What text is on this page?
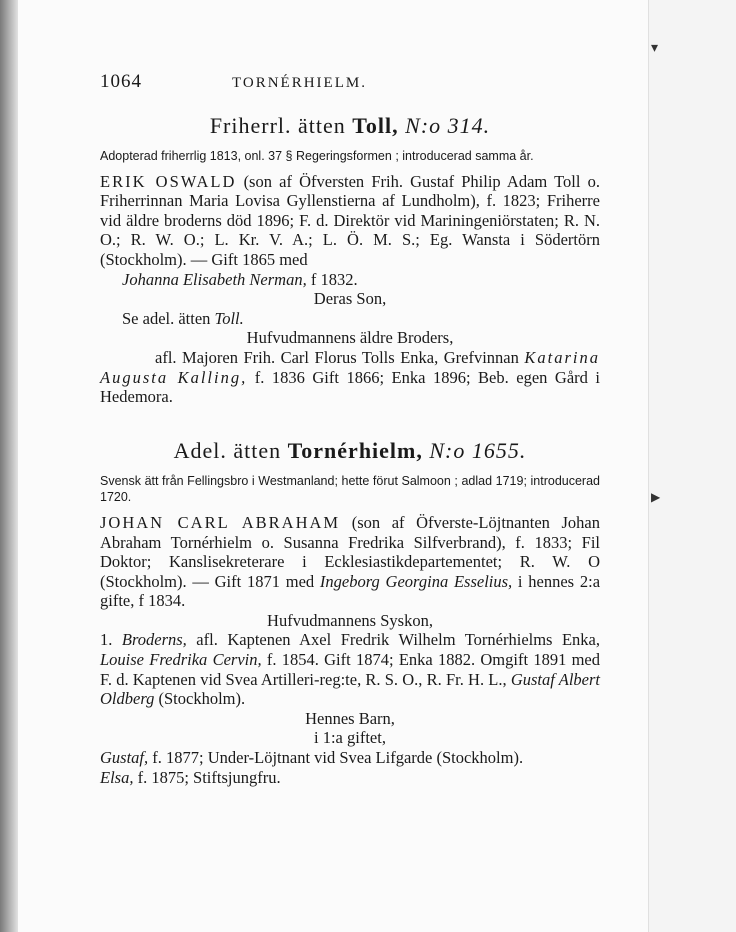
▾
▶
1064	TORNÉRHIELM.
Friherrl. ätten Toll, N:o 314.

Adopterad friherrlig 1813, onl. 37 § Regeringsformen ; introducerad samma år.

ERIK OSWALD (son af Öfversten Frih. Gustaf Philip Adam Toll o. Friherrinnan Maria Lovisa Gyllenstierna af Lundholm), f. 1823; Friherre vid äldre broderns död 1896; F. d. Direktör vid Mariningeniörstaten; R. N. O.; R. W. O.; L. Kr. V. A.; L. Ö. M. S.; Eg. Wansta i Södertörn (Stockholm). — Gift 1865 med
Johanna Elisabeth Nerman, f 1832.

Deras Son,

Se adel. ätten Toll.

Hufvudmannens äldre Broders,

afl. Majoren Frih. Carl Florus Tolls Enka, Grefvinnan Katarina Augusta Kalling, f. 1836 Gift 1866; Enka 1896; Beb. egen Gård i Hedemora.

Adel. ätten Tornérhielm, N:o 1655.

Svensk ätt från Fellingsbro i Westmanland; hette förut Salmoon ; adlad 1719; introducerad 1720.

JOHAN CARL ABRAHAM (son af Öfverste-Löjtnanten Johan Abraham Tornérhielm o. Susanna Fredrika Silfverbrand), f. 1833; Fil Doktor; Kanslisekreterare i Ecklesiastikdepartementet; R. W. O (Stockholm). — Gift 1871 med Ingeborg Georgina Esselius, i hennes 2:a gifte, f 1834.

Hufvudmannens Syskon,

1. Broderns, afl. Kaptenen Axel Fredrik Wilhelm Tornérhielms Enka, Louise Fredrika Cervin, f. 1854. Gift 1874; Enka 1882. Omgift 1891 med F. d. Kaptenen vid Svea Artilleri-reg:te, R. S. O., R. Fr. H. L., Gustaf Albert Oldberg (Stockholm).

Hennes Barn,

i 1:a giftet,

Gustaf, f. 1877; Under-Löjtnant vid Svea Lifgarde (Stockholm).

Elsa, f. 1875; Stiftsjungfru.
